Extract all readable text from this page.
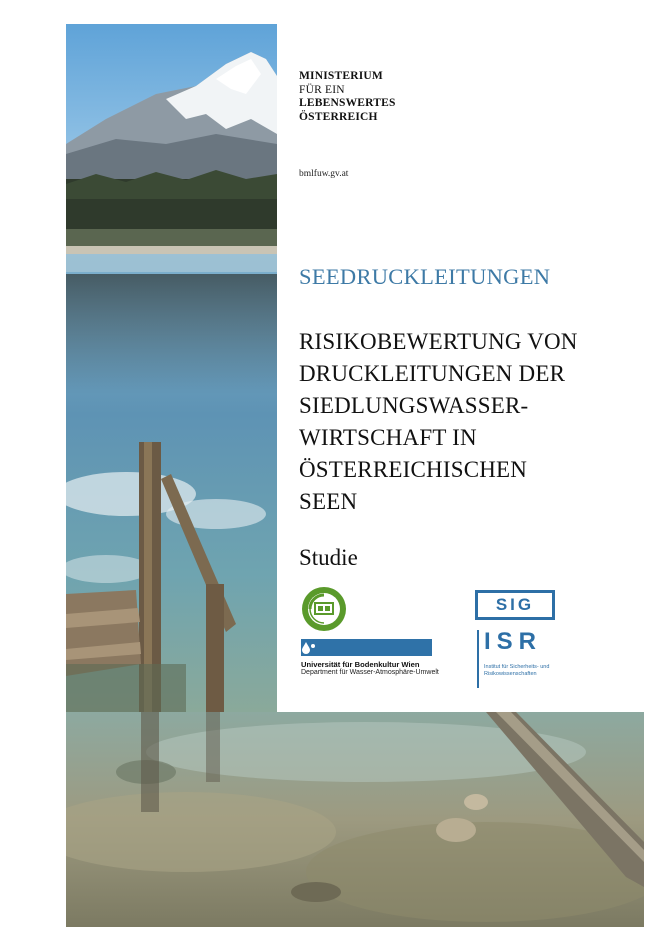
MINISTERIUM
FÜR EIN
LEBENSWERTES
ÖSTERREICH
bmlfuw.gv.at
SEEDRUCKLEITUNGEN
RISIKOBEWERTUNG VON
DRUCKLEITUNGEN DER
SIEDLUNGSWASSER-
WIRTSCHAFT IN
ÖSTERREICHISCHEN
SEEN
Studie
Universität für Bodenkultur Wien
Department für Wasser-Atmosphäre-Umwelt
SIG
ISR
Institut für Sicherheits- und Risikowissenschaften
